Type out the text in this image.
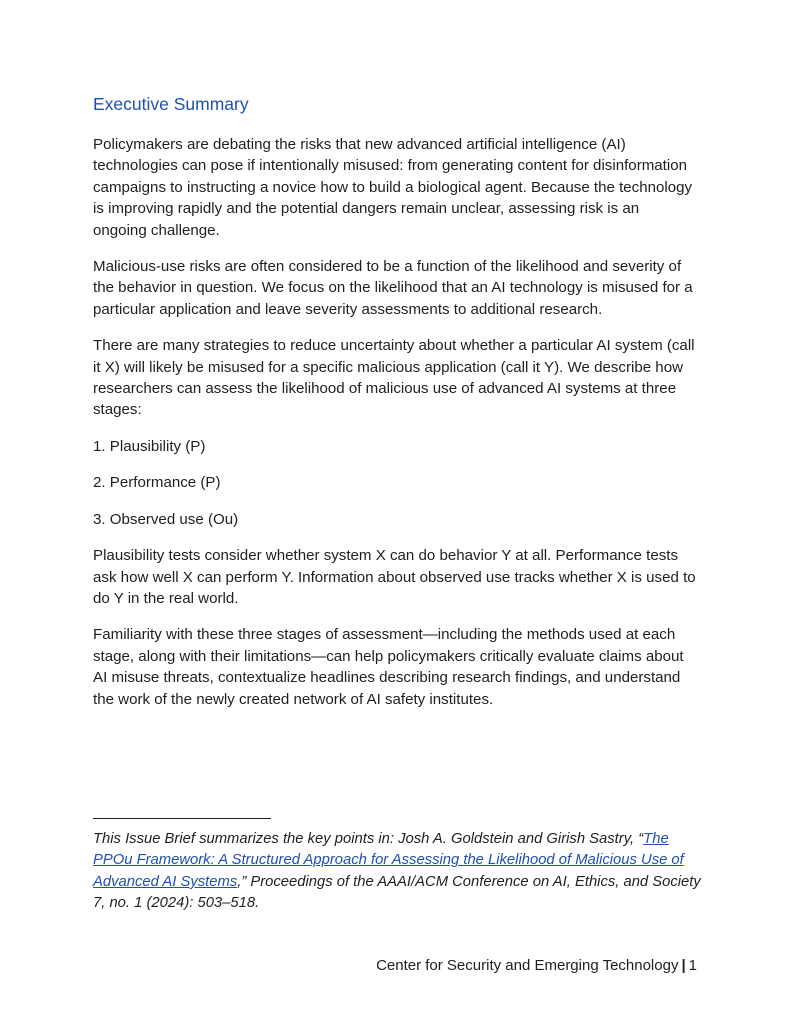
Executive Summary

Policymakers are debating the risks that new advanced artificial intelligence (AI) technologies can pose if intentionally misused: from generating content for disinformation campaigns to instructing a novice how to build a biological agent. Because the technology is improving rapidly and the potential dangers remain unclear, assessing risk is an ongoing challenge.

Malicious-use risks are often considered to be a function of the likelihood and severity of the behavior in question. We focus on the likelihood that an AI technology is misused for a particular application and leave severity assessments to additional research.

There are many strategies to reduce uncertainty about whether a particular AI system (call it X) will likely be misused for a specific malicious application (call it Y). We describe how researchers can assess the likelihood of malicious use of advanced AI systems at three stages:

1. Plausibility (P)
2. Performance (P)
3. Observed use (Ou)

Plausibility tests consider whether system X can do behavior Y at all. Performance tests ask how well X can perform Y. Information about observed use tracks whether X is used to do Y in the real world.

Familiarity with these three stages of assessment—including the methods used at each stage, along with their limitations—can help policymakers critically evaluate claims about AI misuse threats, contextualize headlines describing research findings, and understand the work of the newly created network of AI safety institutes.

This Issue Brief summarizes the key points in: Josh A. Goldstein and Girish Sastry, “The PPOu Framework: A Structured Approach for Assessing the Likelihood of Malicious Use of Advanced AI Systems,” Proceedings of the AAAI/ACM Conference on AI, Ethics, and Society 7, no. 1 (2024): 503–518.

Center for Security and Emerging Technology | 1
